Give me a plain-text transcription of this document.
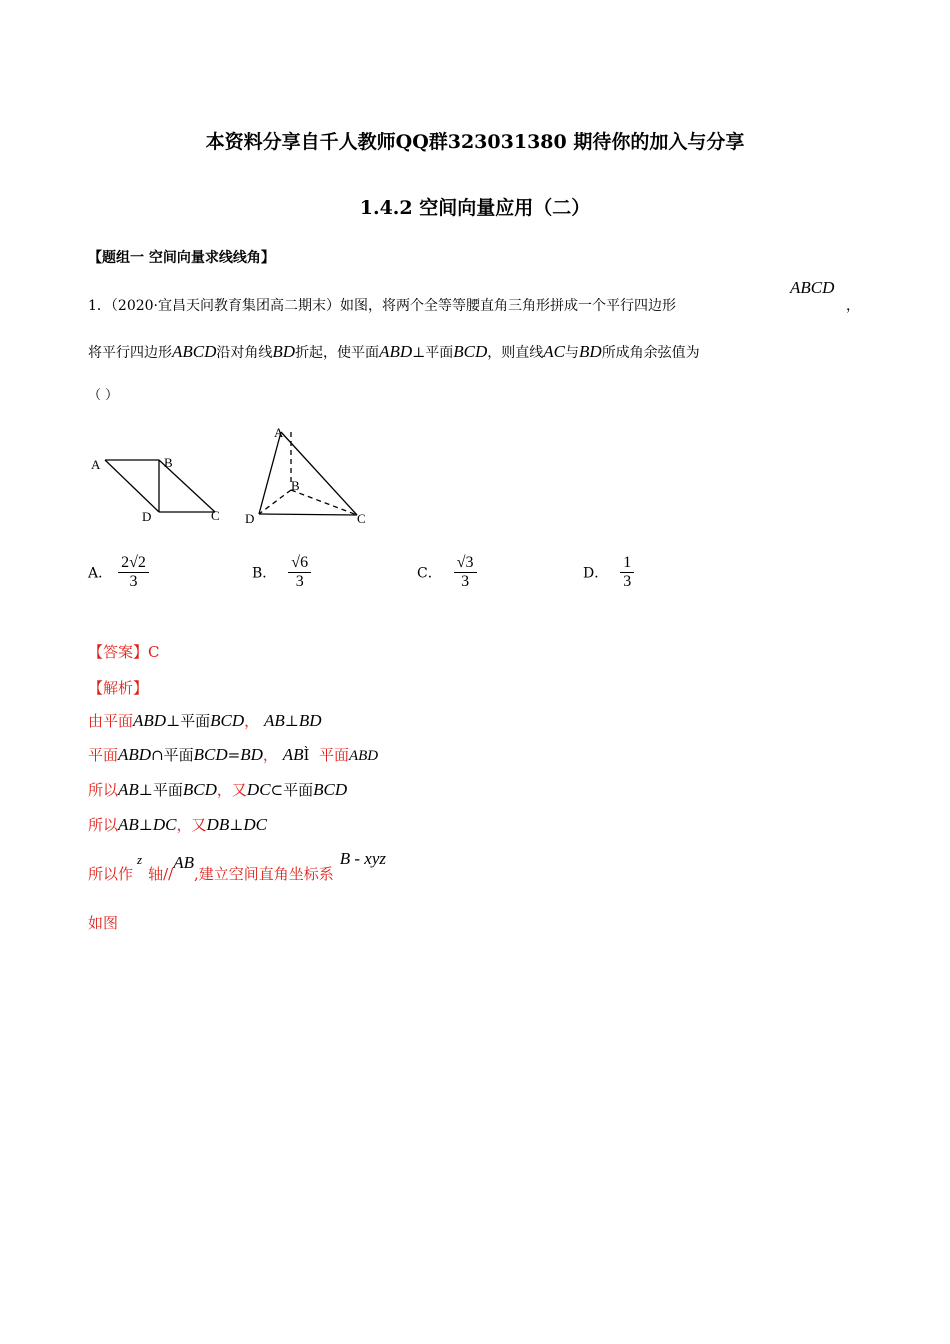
本资料分享自千人教师QQ群323031380 期待你的加入与分享
1.4.2 空间向量应用（二）
【题组一 空间向量求线线角】
1．（2020·宜昌天问教育集团高二期末）如图，将两个全等等腰直角三角形拼成一个平行四边形
ABCD
，
将平行四边形ABCD沿对角线BD折起，使平面ABD⊥平面BCD，则直线AC与BD所成角余弦值为
（ ）
A	B
D	C
A
B
D	C
A． $\frac{2√2}{3}$	B． $\frac{√6}{3}$	C． $\frac{√3}{3}$	D． $\frac{1}{3}$
【答案】C
【解析】
由平面ABD⊥平面BCD， AB⊥BD
平面ABD∩平面BCD=BD， ABÌ 平面ABD
所以AB⊥平面BCD，又DC⊂平面BCD
所以AB⊥DC，又DB⊥DC
所以作z轴//AB,建立空间直角坐标系B - xyz
如图
